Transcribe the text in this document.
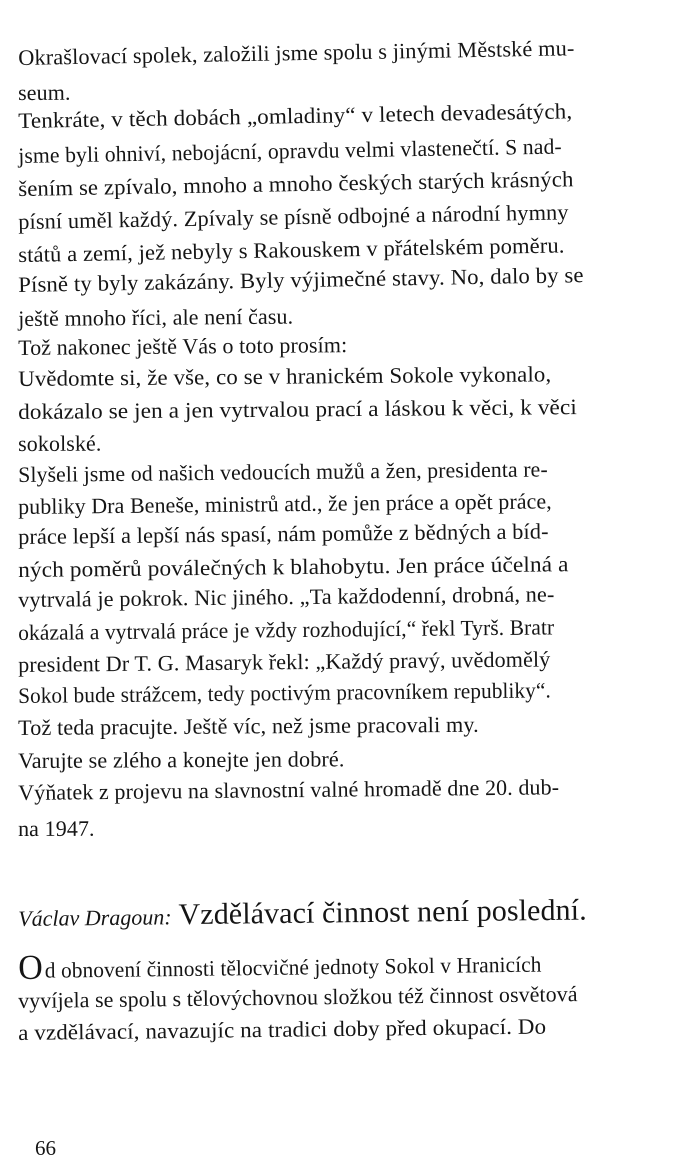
Okrašlovací spolek, založili jsme spolu s jinými Městské mu-
seum.
Tenkráte, v těch dobách „omladiny“ v letech devadesátých,
jsme byli ohniví, nebojácní, opravdu velmi vlastenečtí. S nad-
šením se zpívalo, mnoho a mnoho českých starých krásných
písní uměl každý. Zpívaly se písně odbojné a národní hymny
států a zemí, jež nebyly s Rakouskem v přátelském poměru.
Písně ty byly zakázány. Byly výjimečné stavy. No, dalo by se
ještě mnoho říci, ale není času.
Tož nakonec ještě Vás o toto prosím:
Uvědomte si, že vše, co se v hranickém Sokole vykonalo,
dokázalo se jen a jen vytrvalou prací a láskou k věci, k věci
sokolské.
Slyšeli jsme od našich vedoucích mužů a žen, presidenta re-
publiky Dra Beneše, ministrů atd., že jen práce a opět práce,
práce lepší a lepší nás spasí, nám pomůže z bědných a bíd-
ných poměrů poválečných k blahobytu. Jen práce účelná a
vytrvalá je pokrok. Nic jiného. „Ta každodenní, drobná, ne-
okázalá a vytrvalá práce je vždy rozhodující,“ řekl Tyrš. Bratr
president Dr T. G. Masaryk řekl: „Každý pravý, uvědomělý
Sokol bude strážcem, tedy poctivým pracovníkem republiky“.
Tož teda pracujte. Ještě víc, než jsme pracovali my.
Varujte se zlého a konejte jen dobré.
Výňatek z projevu na slavnostní valné hromadě dne 20. dub-
na 1947.
Václav Dragoun: Vzdělávací činnost není poslední.
Od obnovení činnosti tělocvičné jednoty Sokol v Hranicích
vyvíjela se spolu s tělovýchovnou složkou též činnost osvětová
a vzdělávací, navazujíc na tradici doby před okupací. Do
66
